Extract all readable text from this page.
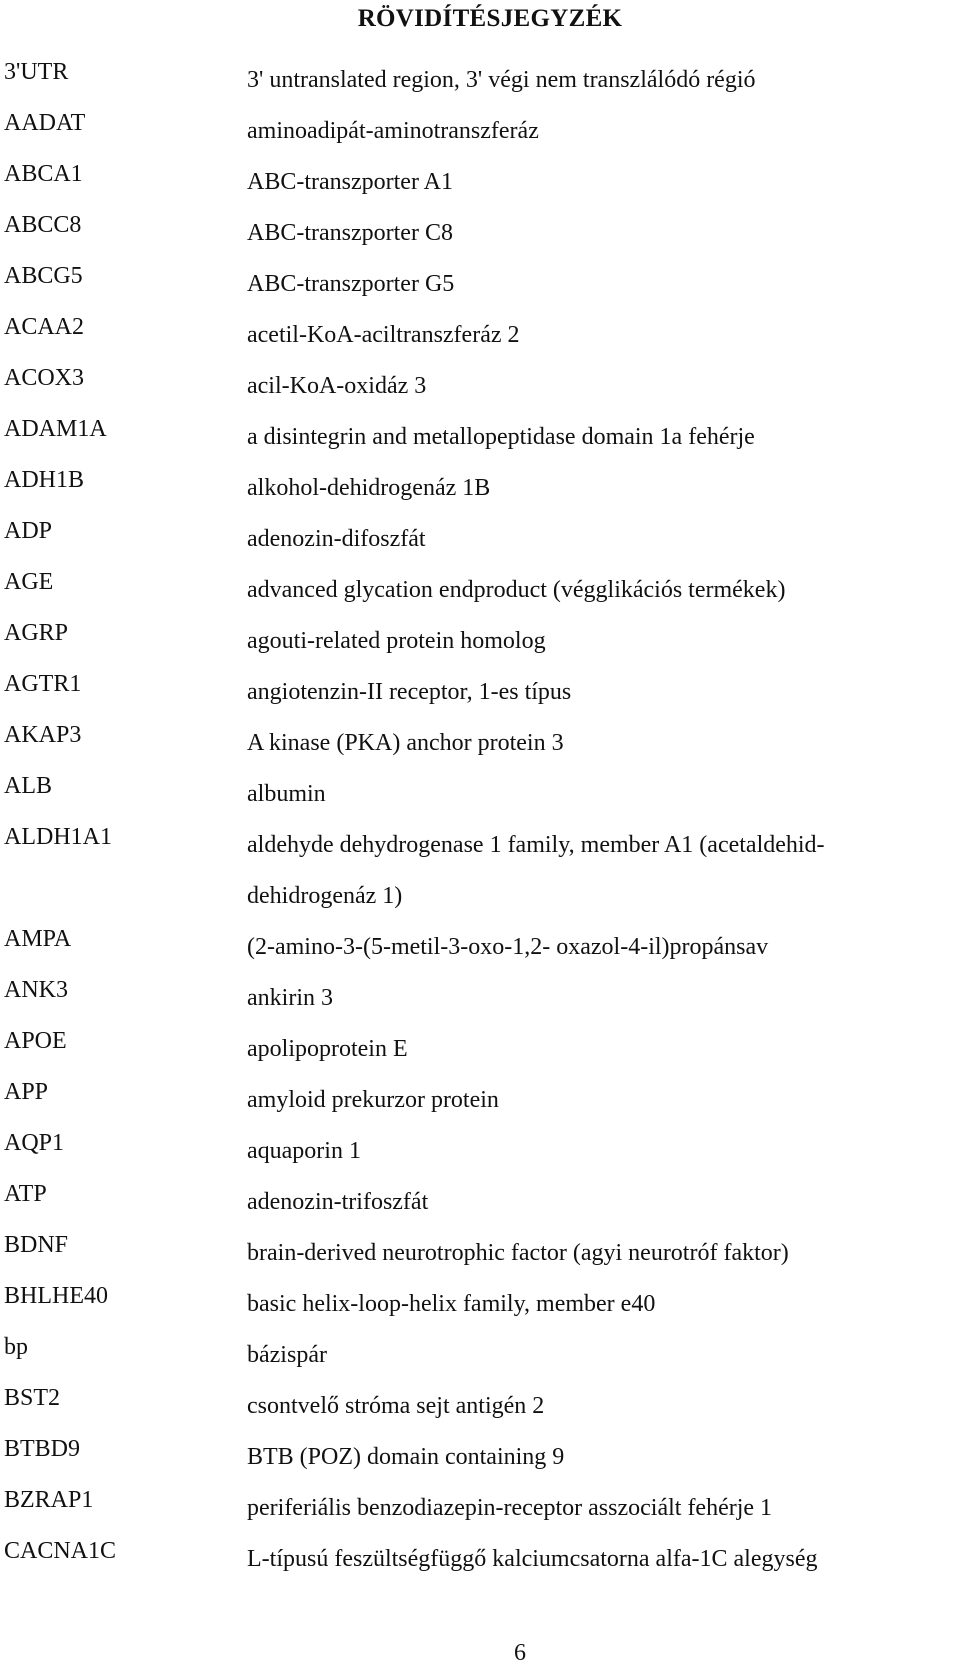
RÖVIDÍTÉSJEGYZÉK
3'UTR	3' untranslated region, 3' végi nem transzlálódó régió
AADAT	aminoadipát-aminotranszferáz
ABCA1	ABC-transzporter A1
ABCC8	ABC-transzporter C8
ABCG5	ABC-transzporter G5
ACAA2	acetil-KoA-aciltranszferáz 2
ACOX3	acil-KoA-oxidáz 3
ADAM1A	a disintegrin and metallopeptidase domain 1a fehérje
ADH1B	alkohol-dehidrogenáz 1B
ADP	adenozin-difoszfát
AGE	advanced glycation endproduct (végglikációs termékek)
AGRP	agouti-related protein homolog
AGTR1	angiotenzin-II receptor, 1-es típus
AKAP3	A kinase (PKA) anchor protein 3
ALB	albumin
ALDH1A1	aldehyde dehydrogenase 1 family, member A1 (acetaldehid-dehidrogenáz 1)
AMPA	(2-amino-3-(5-metil-3-oxo-1,2- oxazol-4-il)propánsav
ANK3	ankirin 3
APOE	apolipoprotein E
APP	amyloid prekurzor protein
AQP1	aquaporin 1
ATP	adenozin-trifoszfát
BDNF	brain-derived neurotrophic factor (agyi neurotróf faktor)
BHLHE40	basic helix-loop-helix family, member e40
bp	bázispár
BST2	csontvelő stróma sejt antigén 2
BTBD9	BTB (POZ) domain containing 9
BZRAP1	periferiális benzodiazepin-receptor asszociált fehérje 1
CACNA1C	L-típusú feszültségfüggő kalciumcsatorna alfa-1C alegység
6
